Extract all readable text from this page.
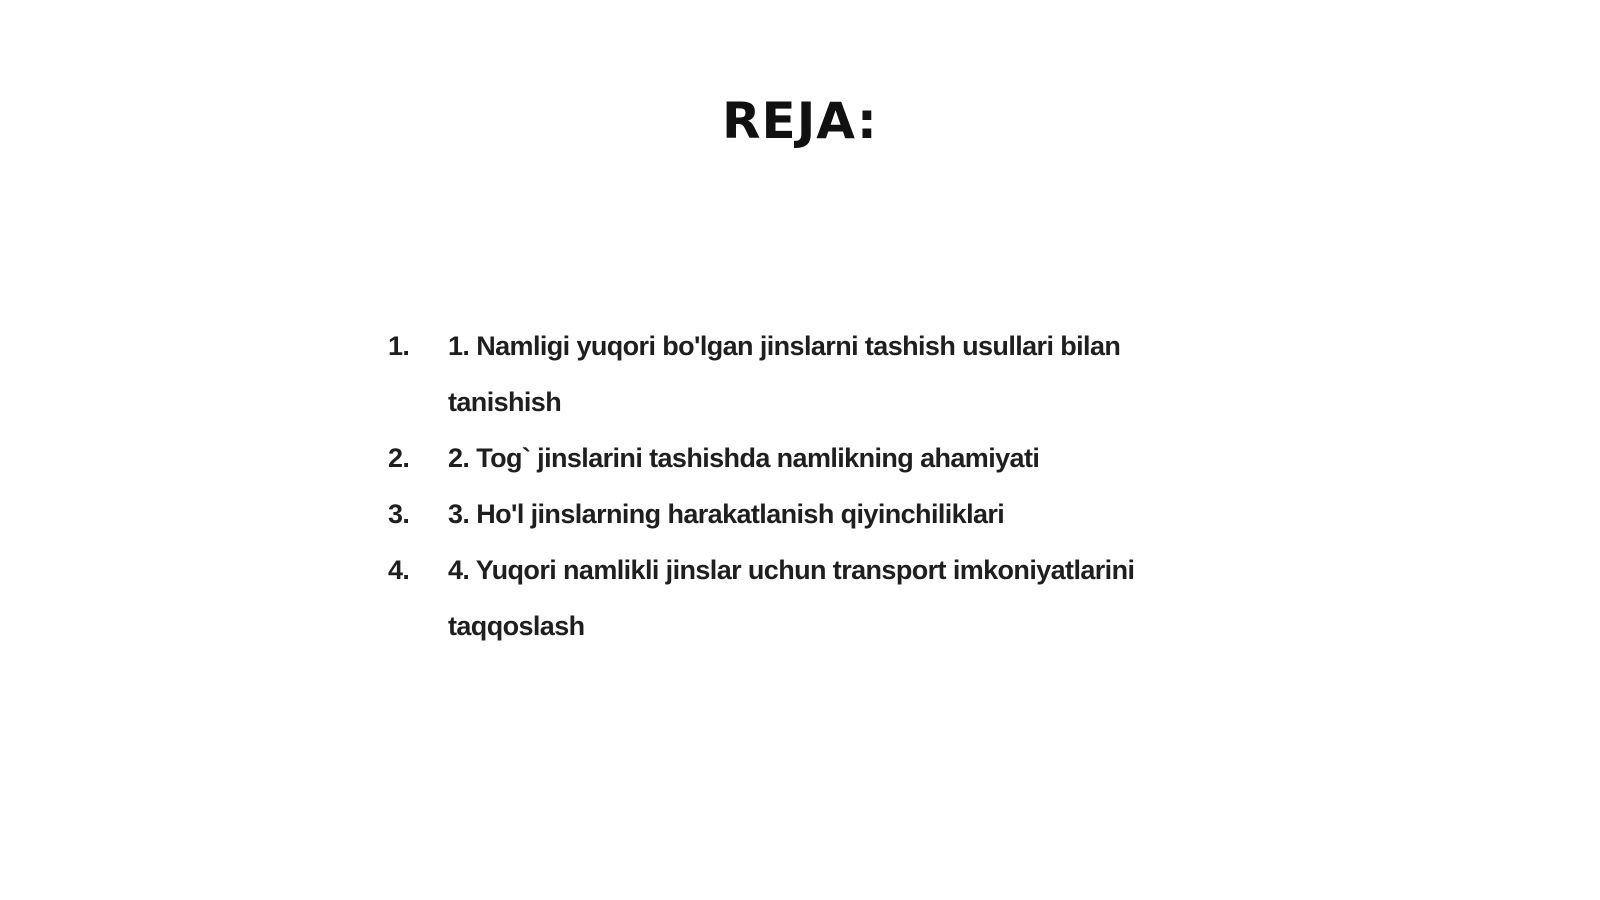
REJA:
1.	1. Namligi yuqori bo'lgan jinslarni tashish usullari bilan tanishish
2.	2. Tog` jinslarini tashishda namlikning ahamiyati
3.	3. Ho'l jinslarning harakatlanish qiyinchiliklari
4.	4. Yuqori namlikli jinslar uchun transport imkoniyatlarini taqqoslash
